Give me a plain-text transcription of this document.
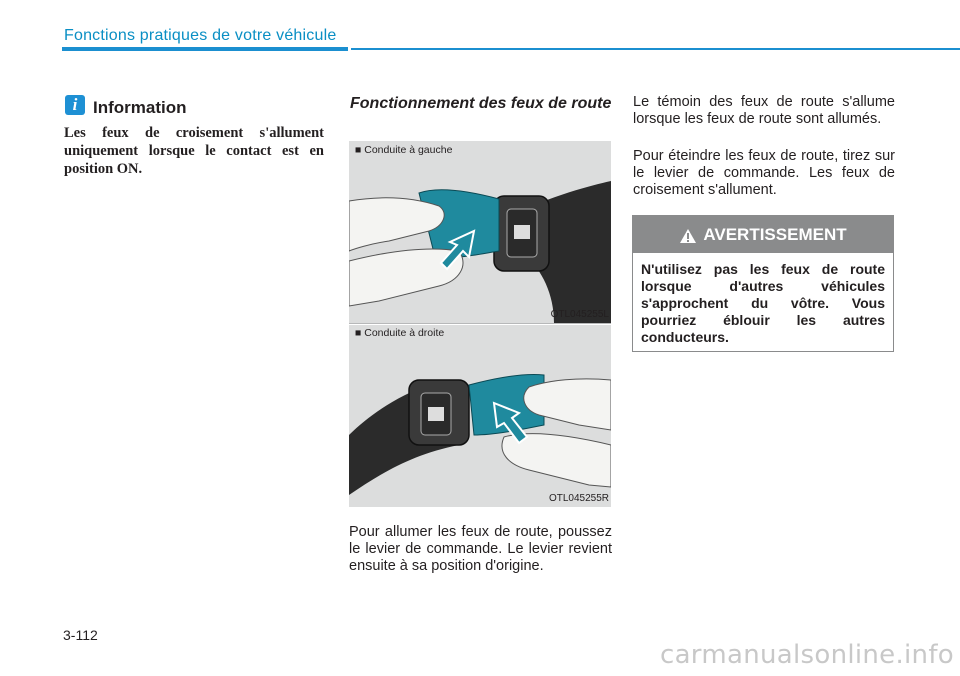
Fonctions pratiques de votre véhicule
i Information
Les feux de croisement s'allument uniquement lorsque le contact est en position ON.
Fonctionnement des feux de route
■ Conduite à gauche
OTL045255L
■ Conduite à droite
OTL045255R
Pour allumer les feux de route, poussez le levier de commande. Le levier revient ensuite à sa position d'origine.
Le témoin des feux de route s'allume lorsque les feux de route sont allumés.
Pour éteindre les feux de route, tirez sur le levier de commande. Les feux de croisement s'allument.
AVERTISSEMENT
N'utilisez pas les feux de route lorsque d'autres véhicules s'approchent du vôtre. Vous pourriez éblouir les autres conducteurs.
3-112
carmanualsonline.info
